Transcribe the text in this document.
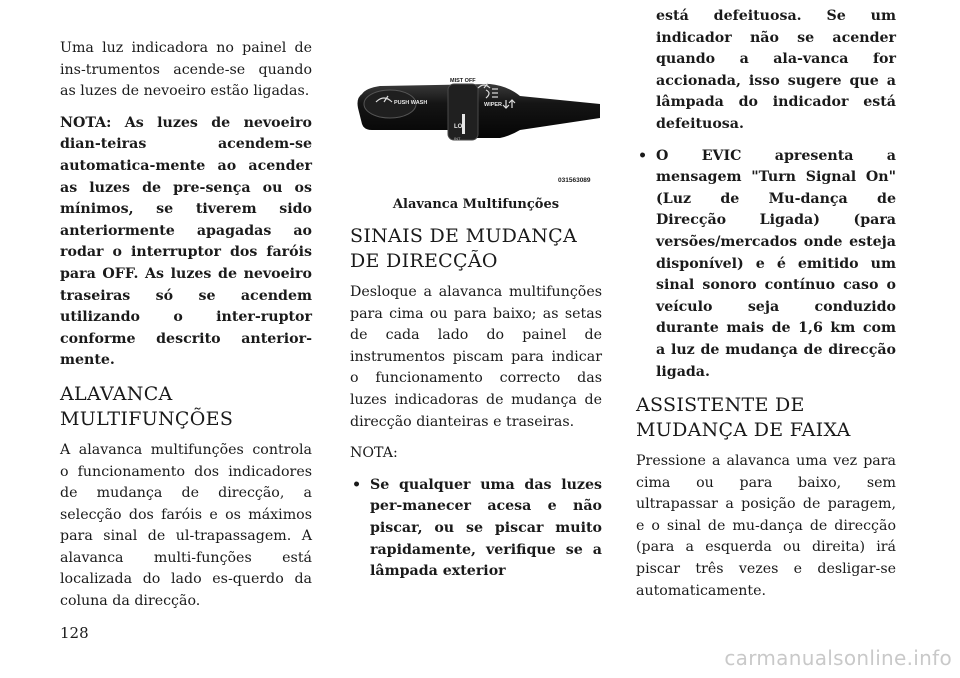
Uma luz indicadora no painel de ins-trumentos acende-se quando as luzes de nevoeiro estão ligadas.

NOTA: As luzes de nevoeiro dian-teiras acendem-se automatica-mente ao acender as luzes de pre-sença ou os mínimos, se tiverem sido anteriormente apagadas ao rodar o interruptor dos faróis para OFF. As luzes de nevoeiro traseiras só se acendem utilizando o inter-ruptor conforme descrito anterior-mente.

ALAVANCA MULTIFUNÇÕES

A alavanca multifunções controla o funcionamento dos indicadores de mudança de direcção, a selecção dos faróis e os máximos para sinal de ul-trapassagem. A alavanca multi-funções está localizada do lado es-querdo da coluna da direcção.

PUSH WASH
MIST OFF
WIPER
LO
INT
031563089
Alavanca Multifunções
SINAIS DE MUDANÇA DE DIRECÇÃO

Desloque a alavanca multifunções para cima ou para baixo; as setas de cada lado do painel de instrumentos piscam para indicar o funcionamento correcto das luzes indicadoras de mudança de direcção dianteiras e traseiras.

NOTA:

• Se qualquer uma das luzes per-manecer acesa e não piscar, ou se piscar muito rapidamente, verifique se a lâmpada exterior
está defeituosa. Se um indicador não se acender quando a ala-vanca for accionada, isso sugere que a lâmpada do indicador está defeituosa.
• O EVIC apresenta a mensagem "Turn Signal On" (Luz de Mu-dança de Direcção Ligada) (para versões/mercados onde esteja disponível) e é emitido um sinal sonoro contínuo caso o veículo seja conduzido durante mais de 1,6 km com a luz de mudança de direcção ligada.
ASSISTENTE DE MUDANÇA DE FAIXA

Pressione a alavanca uma vez para cima ou para baixo, sem ultrapassar a posição de paragem, e o sinal de mu-dança de direcção (para a esquerda ou direita) irá piscar três vezes e desligar-se automaticamente.

128
carmanualsonline.info
